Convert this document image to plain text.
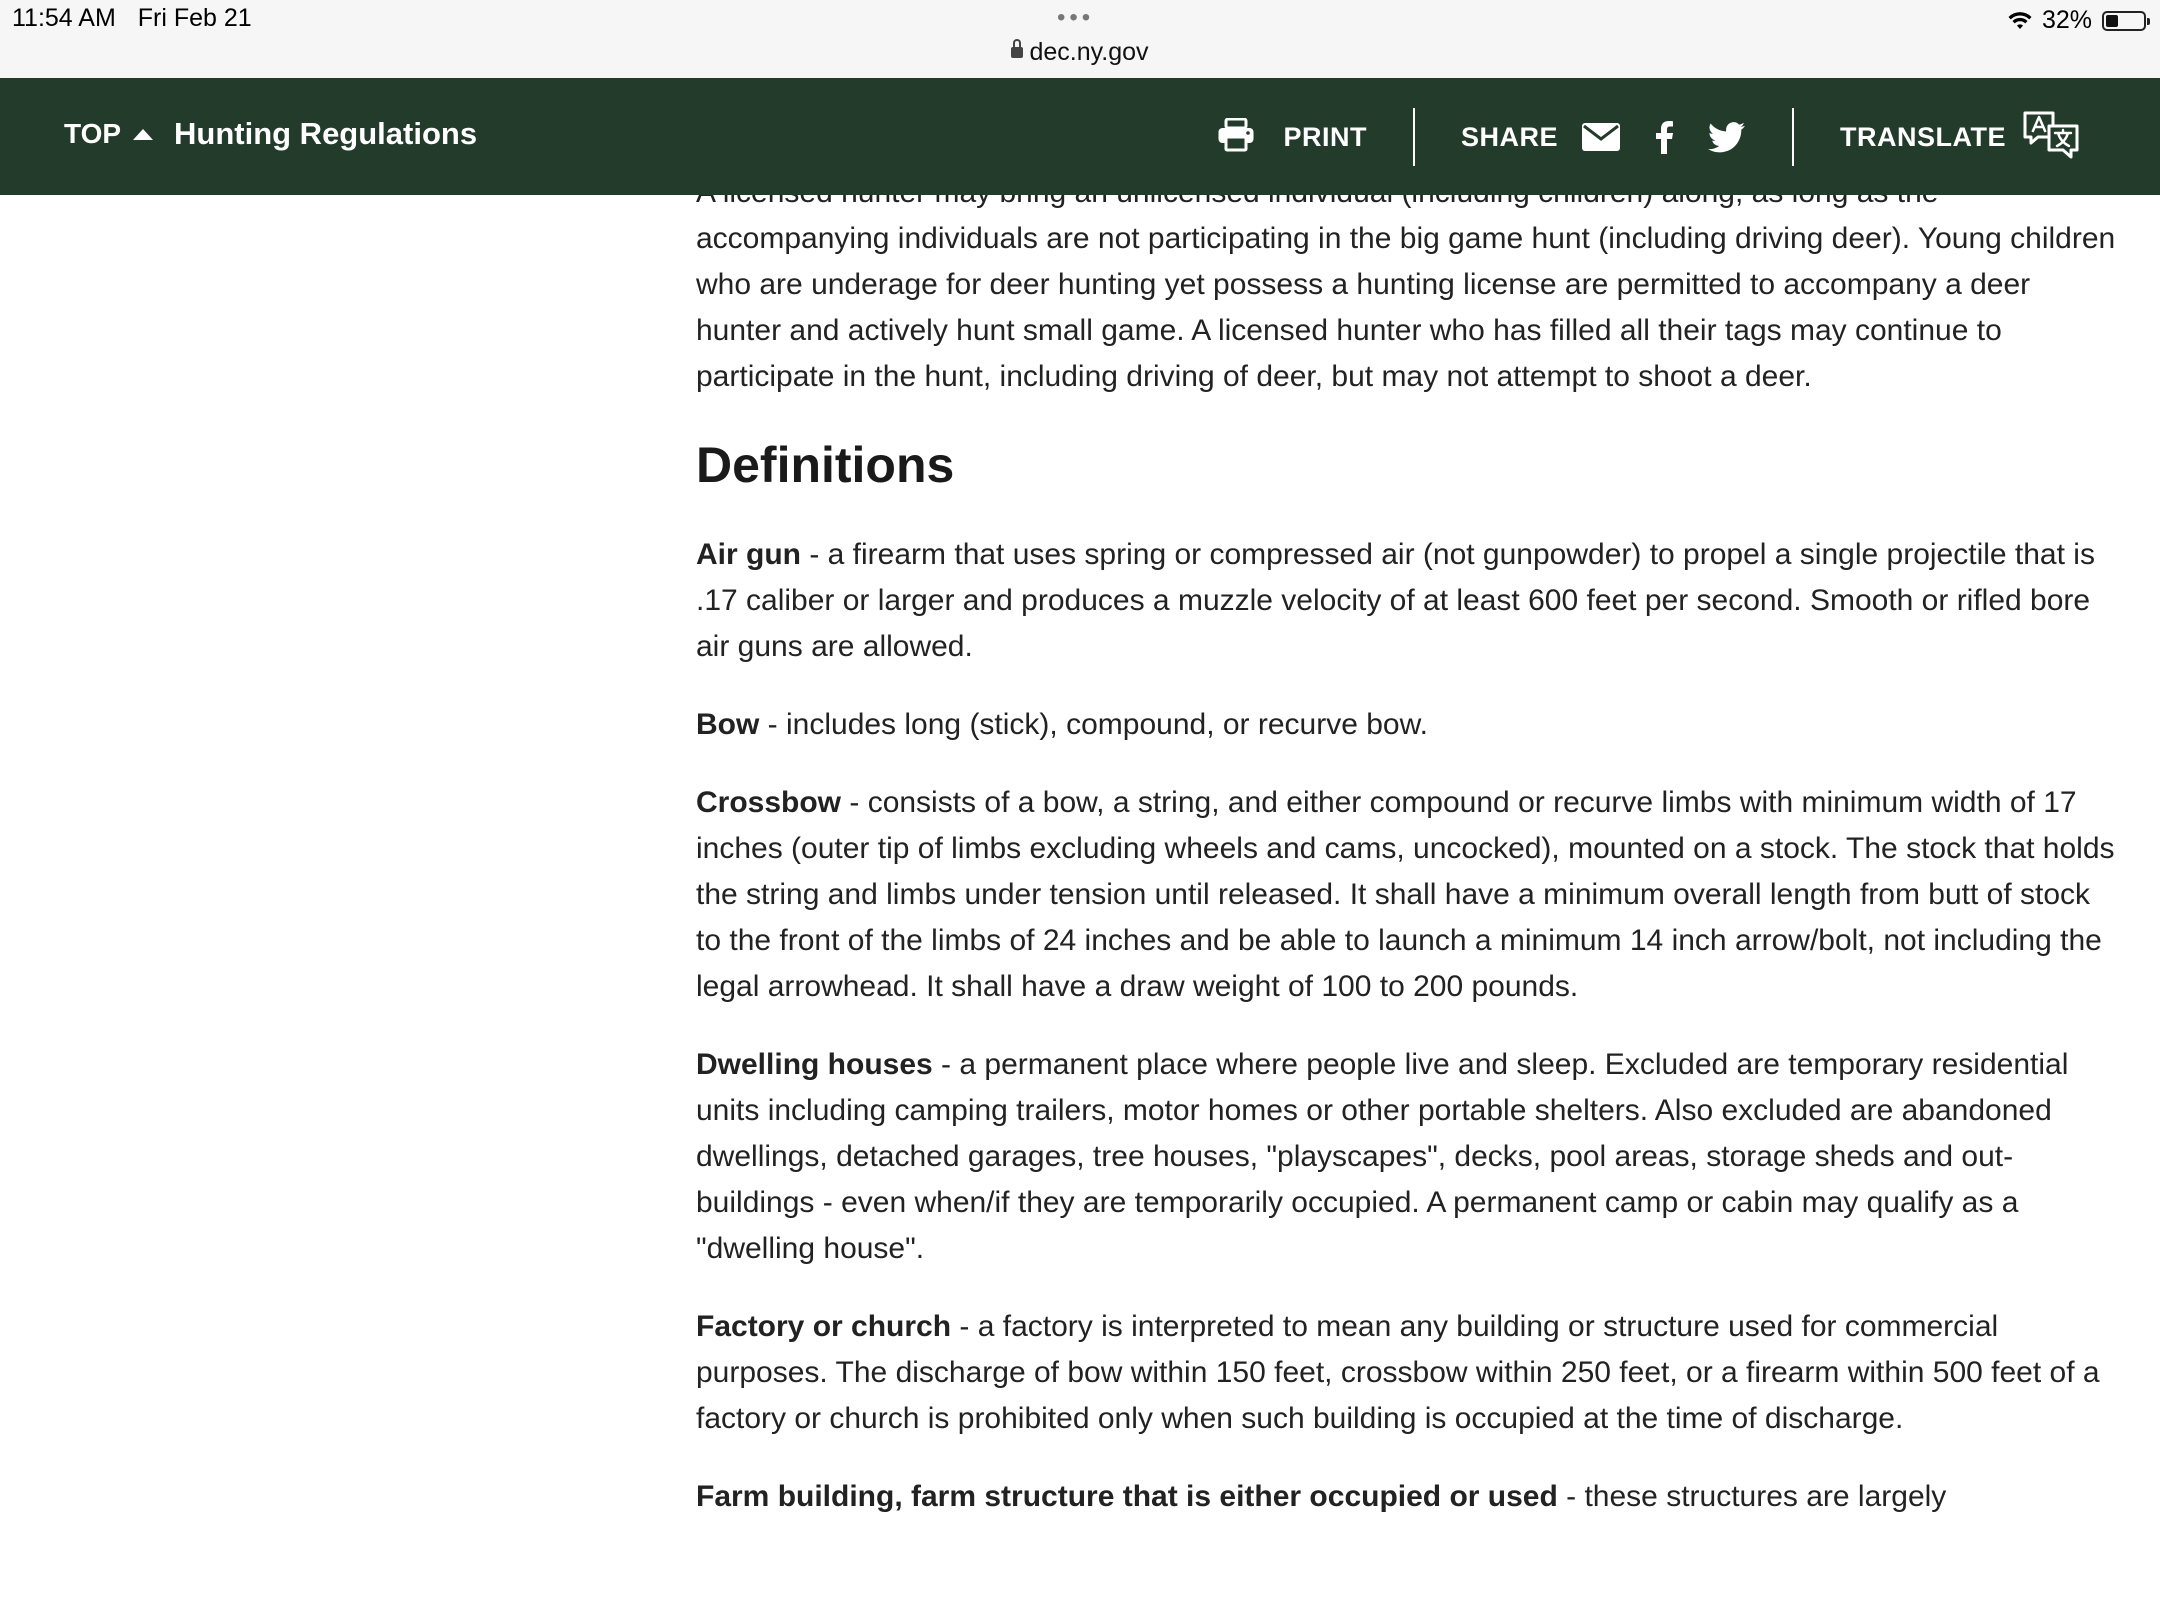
11:54 AM Fri Feb 21	•••
dec.ny.gov
32%
TOP Hunting Regulations	PRINT	SHARE	TRANSLATE

accompanying individuals are not participating in the big game hunt (including driving deer). Young children who are underage for deer hunting yet possess a hunting license are permitted to accompany a deer hunter and actively hunt small game. A licensed hunter who has filled all their tags may continue to participate in the hunt, including driving of deer, but may not attempt to shoot a deer.

Definitions

Air gun - a firearm that uses spring or compressed air (not gunpowder) to propel a single projectile that is .17 caliber or larger and produces a muzzle velocity of at least 600 feet per second. Smooth or rifled bore air guns are allowed.

Bow - includes long (stick), compound, or recurve bow.

Crossbow - consists of a bow, a string, and either compound or recurve limbs with minimum width of 17 inches (outer tip of limbs excluding wheels and cams, uncocked), mounted on a stock. The stock that holds the string and limbs under tension until released. It shall have a minimum overall length from butt of stock to the front of the limbs of 24 inches and be able to launch a minimum 14 inch arrow/bolt, not including the legal arrowhead. It shall have a draw weight of 100 to 200 pounds.

Dwelling houses - a permanent place where people live and sleep. Excluded are temporary residential units including camping trailers, motor homes or other portable shelters. Also excluded are abandoned dwellings, detached garages, tree houses, "playscapes", decks, pool areas, storage sheds and out-buildings - even when/if they are temporarily occupied. A permanent camp or cabin may qualify as a "dwelling house".

Factory or church - a factory is interpreted to mean any building or structure used for commercial purposes. The discharge of bow within 150 feet, crossbow within 250 feet, or a firearm within 500 feet of a factory or church is prohibited only when such building is occupied at the time of discharge.

Farm building, farm structure that is either occupied or used - these structures are largely
